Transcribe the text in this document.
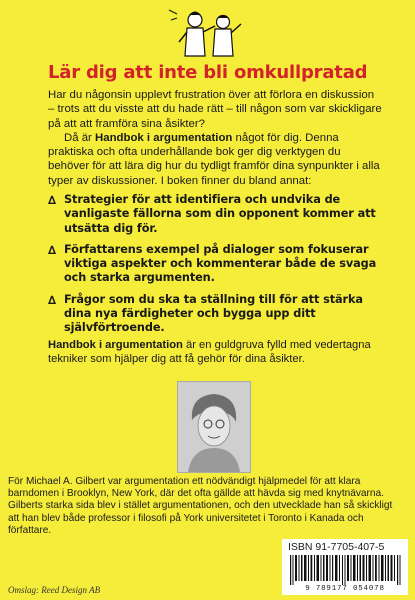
Lär dig att inte bli omkullpratad

Har du någonsin upplevt frustration över att förlora en diskussion – trots att du visste att du hade rätt – till någon som var skickligare på att att framföra sina åsikter?

Då är Handbok i argumentation något för dig. Denna praktiska och ofta underhållande bok ger dig verktygen du behöver för att lära dig hur du tydligt framför dina synpunkter i alla typer av diskussioner. I boken finner du bland annat:

∆ Strategier för att identifiera och undvika de vanligaste fällorna som din opponent kommer att utsätta dig för.
∆ Författarens exempel på dialoger som fokuserar viktiga aspekter och kommenterar både de svaga och starka argumenten.
∆ Frågor som du ska ta ställning till för att stärka dina nya färdigheter och bygga upp ditt självförtroende.

Handbok i argumentation är en guldgruva fylld med vedertagna tekniker som hjälper dig att få gehör för dina åsikter.

För Michael A. Gilbert var argumentation ett nödvändigt hjälpmedel för att klara barndomen i Brooklyn, New York, där det ofta gällde att hävda sig med knytnävarna. Gilberts starka sida blev i stället argumentationen, och den utvecklade han så skickligt att han blev både professor i filosofi på York universitetet i Toronto i Kanada och författare.

ISBN 91-7705-407-5
9 789177 054078
Omslag: Reed Design AB
